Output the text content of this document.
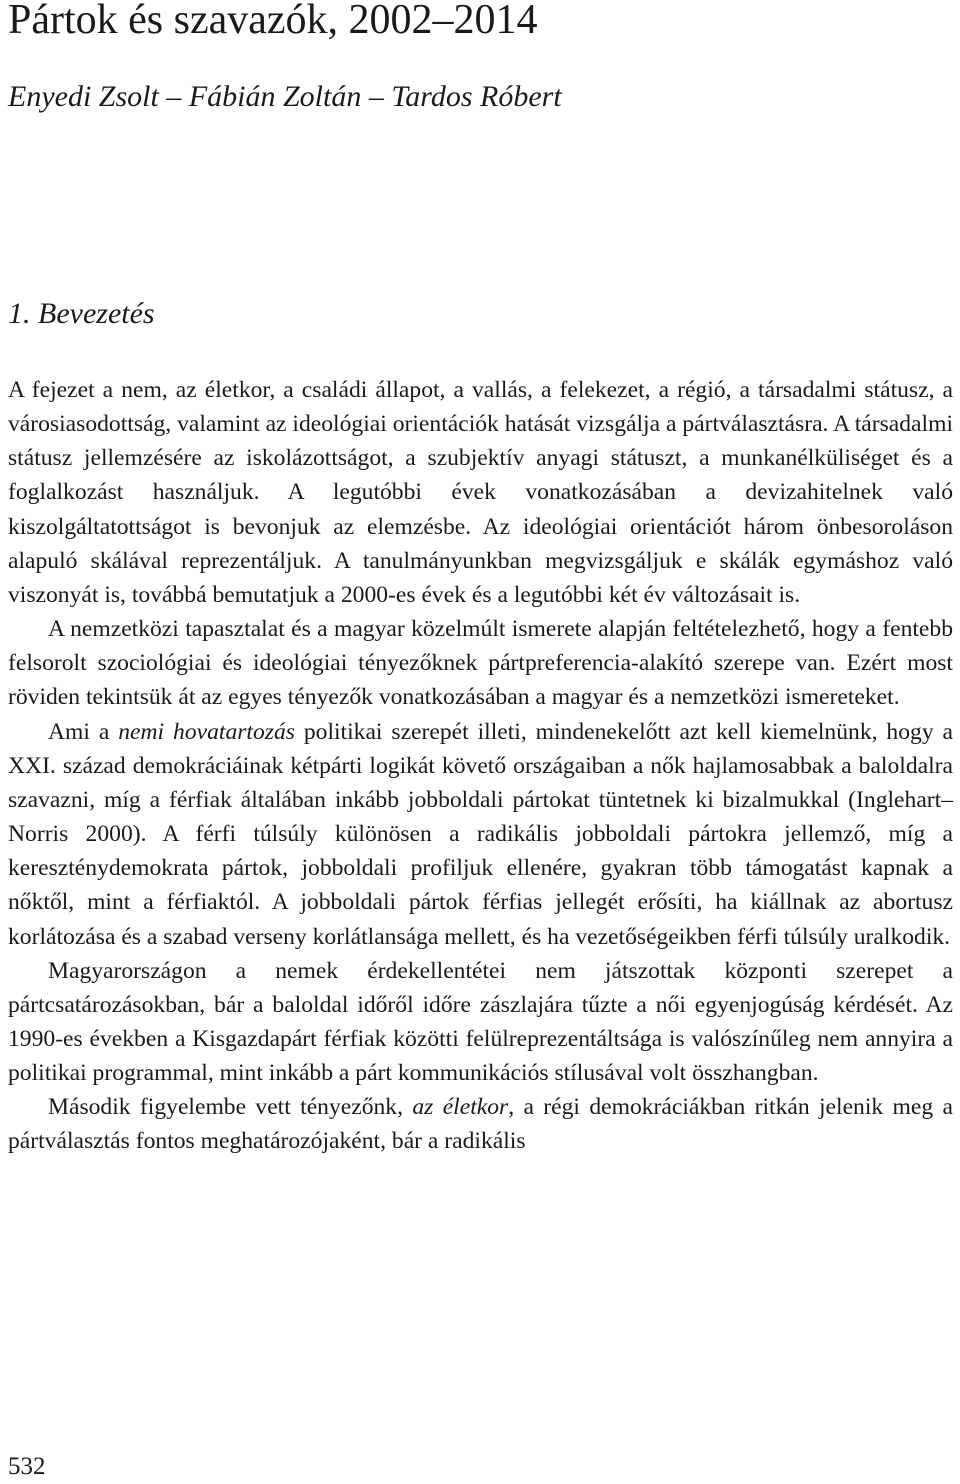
Pártok és szavazók, 2002–2014
Enyedi Zsolt – Fábián Zoltán – Tardos Róbert
1. Bevezetés

A fejezet a nem, az életkor, a családi állapot, a vallás, a felekezet, a régió, a társadalmi státusz, a városiasodottság, valamint az ideológiai orientációk hatását vizsgálja a pártválasztásra. A társadalmi státusz jellemzésére az iskolázottságot, a szubjektív anyagi státuszt, a munkanélküliséget és a foglalkozást használjuk. A legutóbbi évek vonatkozásában a devizahitelnek való kiszolgáltatottságot is bevonjuk az elemzésbe. Az ideológiai orientációt három önbesoroláson alapuló skálával reprezentáljuk. A tanulmányunkban megvizsgáljuk e skálák egymáshoz való viszonyát is, továbbá bemutatjuk a 2000-es évek és a legutóbbi két év változásait is.

A nemzetközi tapasztalat és a magyar közelmúlt ismerete alapján feltételezhető, hogy a fentebb felsorolt szociológiai és ideológiai tényezőknek pártpreferencia-alakító szerepe van. Ezért most röviden tekintsük át az egyes tényezők vonatkozásában a magyar és a nemzetközi ismereteket.

Ami a nemi hovatartozás politikai szerepét illeti, mindenekelőtt azt kell kiemelnünk, hogy a XXI. század demokráciáinak kétpárti logikát követő országaiban a nők hajlamosabbak a baloldalra szavazni, míg a férfiak általában inkább jobboldali pártokat tüntetnek ki bizalmukkal (Inglehart–Norris 2000). A férfi túlsúly különösen a radikális jobboldali pártokra jellemző, míg a kereszténydemokrata pártok, jobboldali profiljuk ellenére, gyakran több támogatást kapnak a nőktől, mint a férfiaktól. A jobboldali pártok férfias jellegét erősíti, ha kiállnak az abortusz korlátozása és a szabad verseny korlátlansága mellett, és ha vezetőségeikben férfi túlsúly uralkodik.

Magyarországon a nemek érdekellentétei nem játszottak központi szerepet a pártcsatározásokban, bár a baloldal időről időre zászlajára tűzte a női egyenjogúság kérdését. Az 1990-es években a Kisgazdapárt férfiak közötti felülreprezentáltsága is valószínűleg nem annyira a politikai programmal, mint inkább a párt kommunikációs stílusával volt összhangban.

Második figyelembe vett tényezőnk, az életkor, a régi demokráciákban ritkán jelenik meg a pártválasztás fontos meghatározójaként, bár a radikális

532
